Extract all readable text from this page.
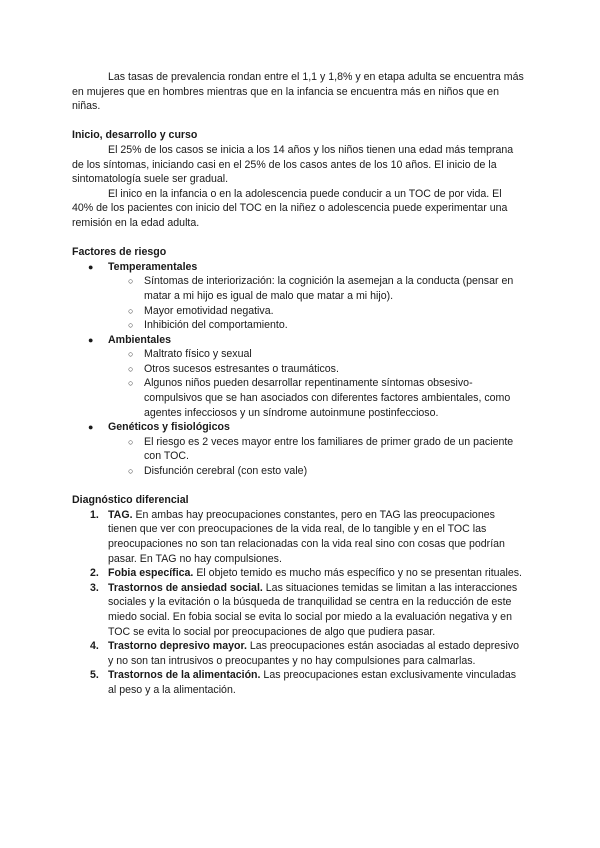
Las tasas de prevalencia rondan entre el 1,1 y 1,8% y en etapa adulta se encuentra más en mujeres que en hombres mientras que en la infancia se encuentra más en niños que en niñas.

Inicio, desarrollo y curso

El 25% de los casos se inicia a los 14 años y los niños tienen una edad más temprana de los síntomas, iniciando casi en el 25% de los casos antes de los 10 años. El inicio de la sintomatología suele ser gradual.

El inico en la infancia o en la adolescencia puede conducir a un TOC de por vida. El 40% de los pacientes con inicio del TOC en la niñez o adolescencia puede experimentar una remisión en la edad adulta.

Factores de riesgo

● Temperamentales
○ Síntomas de interiorización: la cognición la asemejan a la conducta (pensar en matar a mi hijo es igual de malo que matar a mi hijo).
○ Mayor emotividad negativa.
○ Inhibición del comportamiento.
● Ambientales
○ Maltrato físico y sexual
○ Otros sucesos estresantes o traumáticos.
○ Algunos niños pueden desarrollar repentinamente síntomas obsesivo-compulsivos que se han asociados con diferentes factores ambientales, como agentes infecciosos y un síndrome autoinmune postinfeccioso.
● Genéticos y fisiológicos
○ El riesgo es 2 veces mayor entre los familiares de primer grado de un paciente con TOC.
○ Disfunción cerebral (con esto vale)

Diagnóstico diferencial

1. TAG. En ambas hay preocupaciones constantes, pero en TAG las preocupaciones tienen que ver con preocupaciones de la vida real, de lo tangible y en el TOC las preocupaciones no son tan relacionadas con la vida real sino con cosas que podrían pasar. En TAG no hay compulsiones.
2. Fobia específica. El objeto temido es mucho más específico y no se presentan rituales.
3. Trastornos de ansiedad social. Las situaciones temidas se limitan a las interacciones sociales y la evitación o la búsqueda de tranquilidad se centra en la reducción de este miedo social. En fobia social se evita lo social por miedo a la evaluación negativa y en TOC se evita lo social por preocupaciones de algo que pudiera pasar.
4. Trastorno depresivo mayor. Las preocupaciones están asociadas al estado depresivo y no son tan intrusivos o preocupantes y no hay compulsiones para calmarlas.
5. Trastornos de la alimentación. Las preocupaciones estan exclusivamente vinculadas al peso y a la alimentación.
